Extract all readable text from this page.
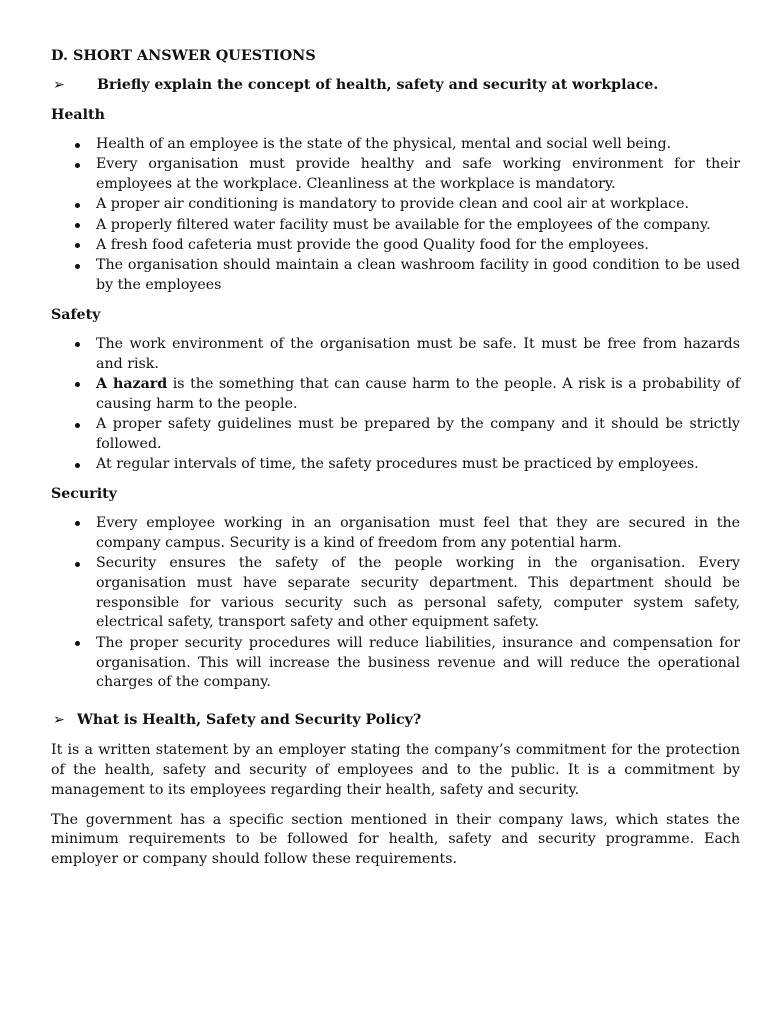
D. SHORT ANSWER QUESTIONS
➢	Briefly explain the concept of health, safety and security at workplace.
Health
Health of an employee is the state of the physical, mental and social well being.
Every organisation must provide healthy and safe working environment for their employees at the workplace. Cleanliness at the workplace is mandatory.
A proper air conditioning is mandatory to provide clean and cool air at workplace.
A properly filtered water facility must be available for the employees of the company.
A fresh food cafeteria must provide the good Quality food for the employees.
The organisation should maintain a clean washroom facility in good condition to be used by the employees
Safety
The work environment of the organisation must be safe. It must be free from hazards and risk.
A hazard is the something that can cause harm to the people. A risk is a probability of causing harm to the people.
A proper safety guidelines must be prepared by the company and it should be strictly followed.
At regular intervals of time, the safety procedures must be practiced by employees.
Security
Every employee working in an organisation must feel that they are secured in the company campus. Security is a kind of freedom from any potential harm.
Security ensures the safety of the people working in the organisation. Every organisation must have separate security department. This department should be responsible for various security such as personal safety, computer system safety, electrical safety, transport safety and other equipment safety.
The proper security procedures will reduce liabilities, insurance and compensation for organisation. This will increase the business revenue and will reduce the operational charges of the company.
➢ What is Health, Safety and Security Policy?

It is a written statement by an employer stating the company’s commitment for the protection of the health, safety and security of employees and to the public. It is a commitment by management to its employees regarding their health, safety and security.

The government has a specific section mentioned in their company laws, which states the minimum requirements to be followed for health, safety and security programme. Each employer or company should follow these requirements.
